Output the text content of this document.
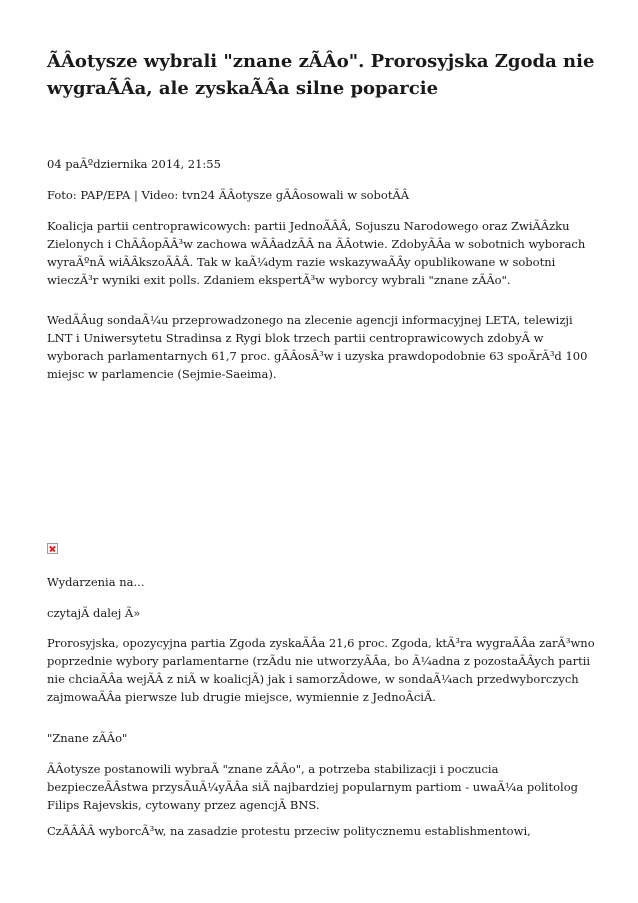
ÃÂotysze wybrali "znane zÃÂo". Prorosyjska Zgoda nie wygraÃÂa, ale zyskaÃÂa silne poparcie

04 paÃºdziernika 2014, 21:55

Foto: PAP/EPA | Video: tvn24 ÃÂotysze gÃÂosowali w sobotÃÂ

Koalicja partii centroprawicowych: partii JednoÃÂÂ, Sojuszu Narodowego oraz ZwiÃÂzku Zielonych i ChÃÂopÃÂ³w zachowa wÃÂadzÃÂ na ÃÂotwie. ZdobyÃÂa w sobotnich wyborach wyraÃºnÃ wiÃÂkszoÃÂÂ. Tak w kaÃ¼dym razie wskazywaÃÂy opublikowane w sobotni wieczÃ³r wyniki exit polls. Zdaniem ekspertÃ³w wyborcy wybrali "znane zÃÂo".

WedÃÂug sondaÃ¼u przeprowadzonego na zlecenie agencji informacyjnej LETA, telewizji LNT i Uniwersytetu Stradinsa z Rygi blok trzech partii centroprawicowych zdobyÃ w wyborach parlamentarnych 61,7 proc. gÃÂosÃ³w i uzyska prawdopodobnie 63 spoÃrÃ³d 100 miejsc w parlamencie (Sejmie-Saeima).

Wydarzenia na...

czytajÃ dalej Ã»

Prorosyjska, opozycyjna partia Zgoda zyskaÃÂa 21,6 proc. Zgoda, ktÃ³ra wygraÃÂa zarÃ³wno poprzednie wybory parlamentarne (rzÃdu nie utworzyÃÂa, bo Ã¼adna z pozostaÃÂych partii nie chciaÃÂa wejÃÂ z niÃ w koalicjÃ) jak i samorzÃdowe, w sondaÃ¼ach przedwyborczych zajmowaÃÂa pierwsze lub drugie miejsce, wymiennie z JednoÃciÃ.

"Znane zÃÂo"

ÃÂotysze postanowili wybraÃ "znane zÃÂo", a potrzeba stabilizacji i poczucia bezpieczeÃÂstwa przysÃuÃ¼yÃÂa siÃ najbardziej popularnym partiom - uwaÃ¼a politolog Filips Rajevskis, cytowany przez agencjÃ BNS.

CzÃÂÂÂ wyborcÃ³w, na zasadzie protestu przeciw politycznemu establishmentowi,
